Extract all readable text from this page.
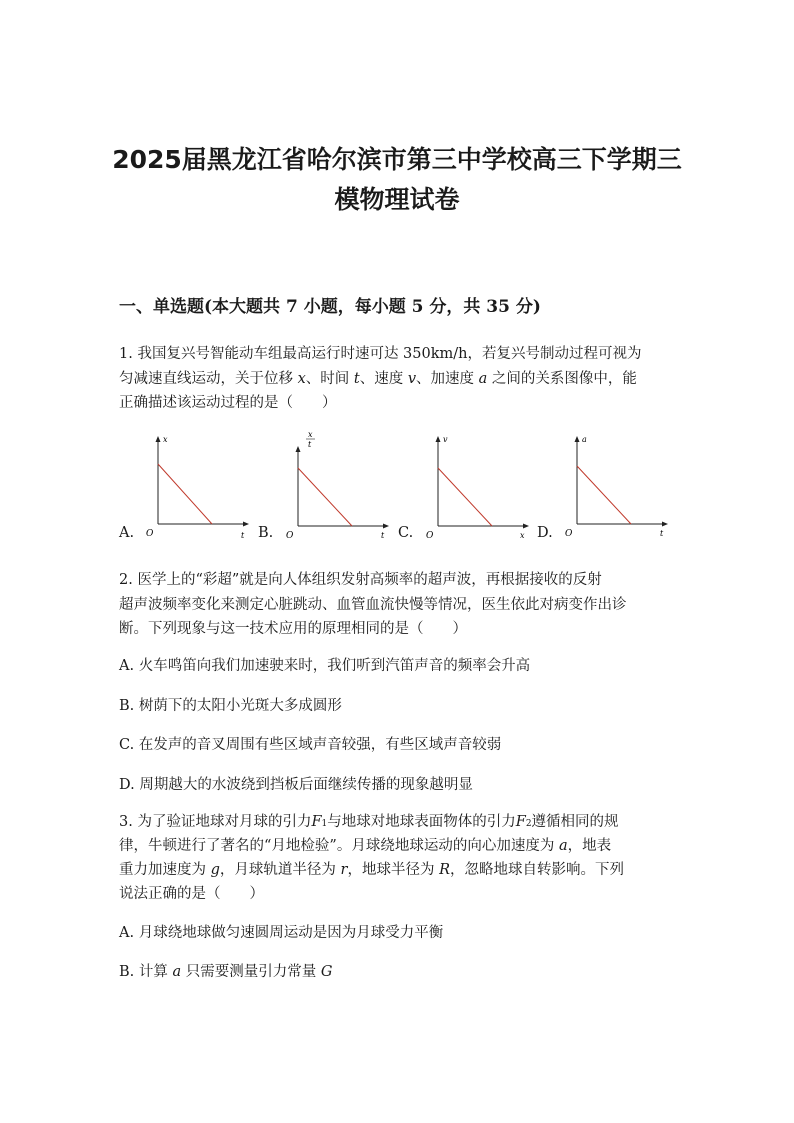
2025届黑龙江省哈尔滨市第三中学校高三下学期三
模物理试卷
一、单选题(本大题共 7 小题，每小题 5 分，共 35 分)

1. 我国复兴号智能动车组最高运行时速可达 350km/h，若复兴号制动过程可视为

匀减速直线运动，关于位移 x、时间 t、速度 v、加速度 a 之间的关系图像中，能

正确描述该运动过程的是（　　）

A.	B.	C.	D.
x
t
O
x
t
t
O
v
x
O
a
t
O

2. 医学上的“彩超”就是向人体组织发射高频率的超声波，再根据接收的反射

超声波频率变化来测定心脏跳动、血管血流快慢等情况，医生依此对病变作出诊

断。下列现象与这一技术应用的原理相同的是（　　）

A. 火车鸣笛向我们加速驶来时，我们听到汽笛声音的频率会升高

B. 树荫下的太阳小光斑大多成圆形

C. 在发声的音叉周围有些区域声音较强，有些区域声音较弱

D. 周期越大的水波绕到挡板后面继续传播的现象越明显

3. 为了验证地球对月球的引力F1与地球对地球表面物体的引力F2遵循相同的规

律，牛顿进行了著名的“月地检验”。月球绕地球运动的向心加速度为 a，地表

重力加速度为 g，月球轨道半径为 r，地球半径为 R，忽略地球自转影响。下列

说法正确的是（　　）

A. 月球绕地球做匀速圆周运动是因为月球受力平衡

B. 计算 a 只需要测量引力常量 G
